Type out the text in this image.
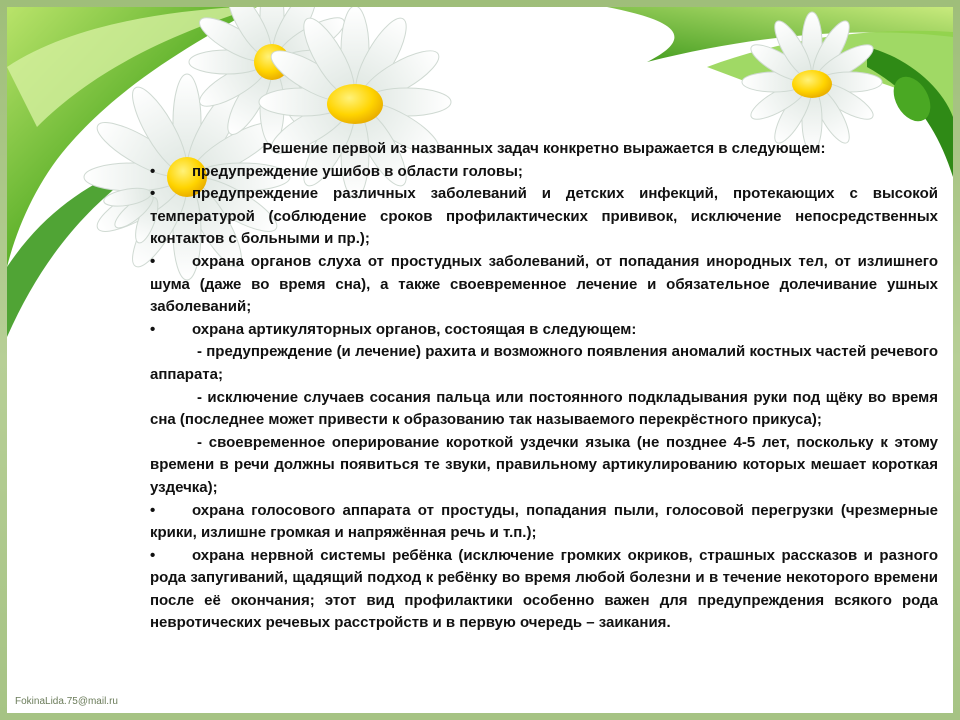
Решение первой из названных задач конкретно выражается в следующем:

• предупреждение ушибов в области головы;

• предупреждение различных заболеваний и детских инфекций, протекающих с высокой температурой (соблюдение сроков профилактических прививок, исключение непосредственных контактов с больными и пр.);

• охрана органов слуха от простудных заболеваний, от попадания инородных тел, от излишнего шума (даже во время сна), а также своевременное лечение и обязательное долечивание ушных заболеваний;

• охрана артикуляторных органов, состоящая в следующем:

- предупреждение (и лечение) рахита и возможного появления аномалий костных частей речевого аппарата;

- исключение случаев сосания пальца или постоянного подкладывания руки под щёку во время сна (последнее может привести к образованию так называемого перекрёстного прикуса);

- своевременное оперирование короткой уздечки языка (не позднее 4-5 лет, поскольку к этому времени в речи должны появиться те звуки, правильному артикулированию которых мешает короткая уздечка);

• охрана голосового аппарата от простуды, попадания пыли, голосовой перегрузки (чрезмерные крики, излишне громкая и напряжённая речь и т.п.);

• охрана нервной системы ребёнка (исключение громких окриков, страшных рассказов и разного рода запугиваний, щадящий подход к ребёнку во время любой болезни и в течение некоторого времени после её окончания; этот вид профилактики особенно важен для предупреждения всякого рода невротических речевых расстройств и в первую очередь – заикания.

FokinaLida.75@mail.ru
